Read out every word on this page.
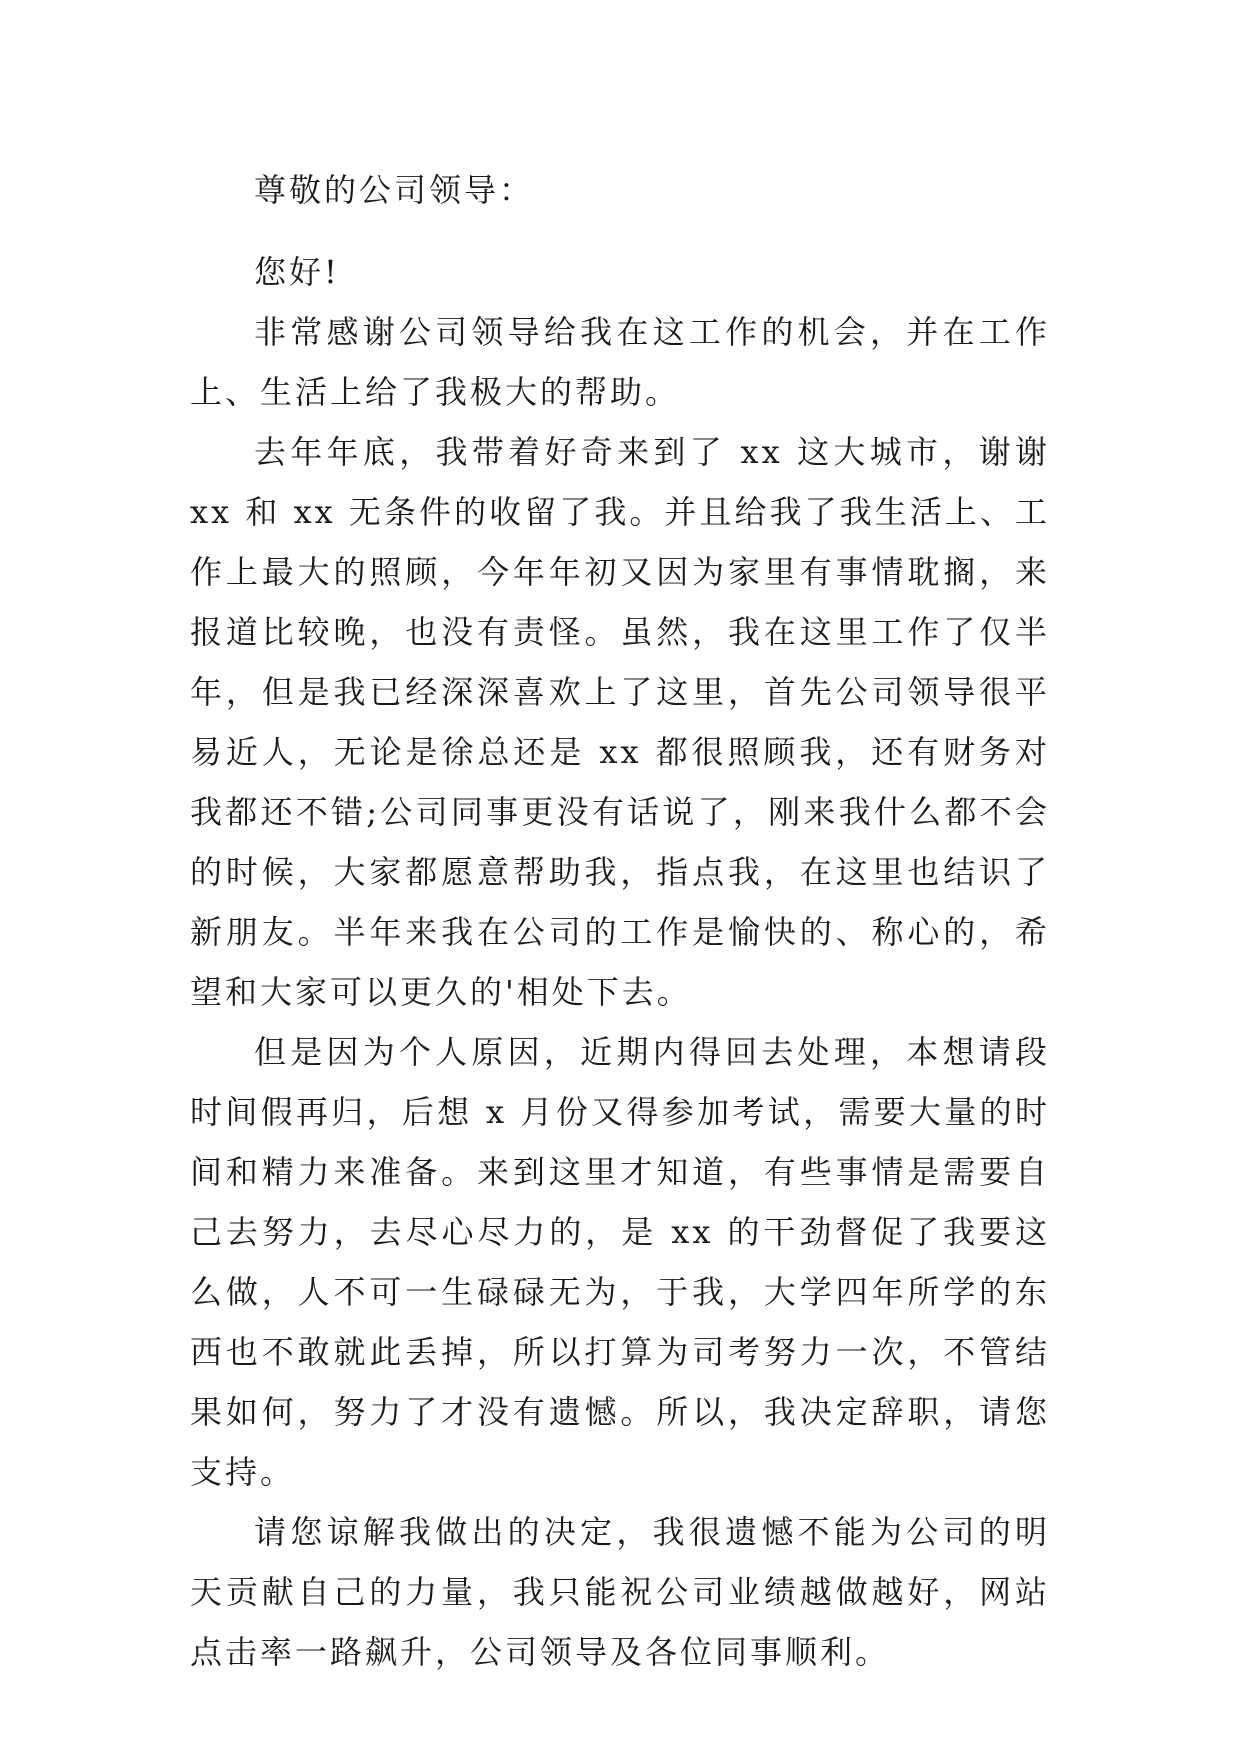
尊敬的公司领导：

您好!

非常感谢公司领导给我在这工作的机会，并在工作上、生活上给了我极大的帮助。

去年年底，我带着好奇来到了 xx 这大城市，谢谢 xx 和 xx 无条件的收留了我。并且给我了我生活上、工作上最大的照顾，今年年初又因为家里有事情耽搁，来报道比较晚，也没有责怪。虽然，我在这里工作了仅半年，但是我已经深深喜欢上了这里，首先公司领导很平易近人，无论是徐总还是 xx 都很照顾我，还有财务对我都还不错;公司同事更没有话说了，刚来我什么都不会的时候，大家都愿意帮助我，指点我，在这里也结识了新朋友。半年来我在公司的工作是愉快的、称心的，希望和大家可以更久的'相处下去。

但是因为个人原因，近期内得回去处理，本想请段时间假再归，后想 x 月份又得参加考试，需要大量的时间和精力来准备。来到这里才知道，有些事情是需要自己去努力，去尽心尽力的，是 xx 的干劲督促了我要这么做，人不可一生碌碌无为，于我，大学四年所学的东西也不敢就此丢掉，所以打算为司考努力一次，不管结果如何，努力了才没有遗憾。所以，我决定辞职，请您支持。

请您谅解我做出的决定，我很遗憾不能为公司的明天贡献自己的力量，我只能祝公司业绩越做越好，网站点击率一路飙升，公司领导及各位同事顺利。
